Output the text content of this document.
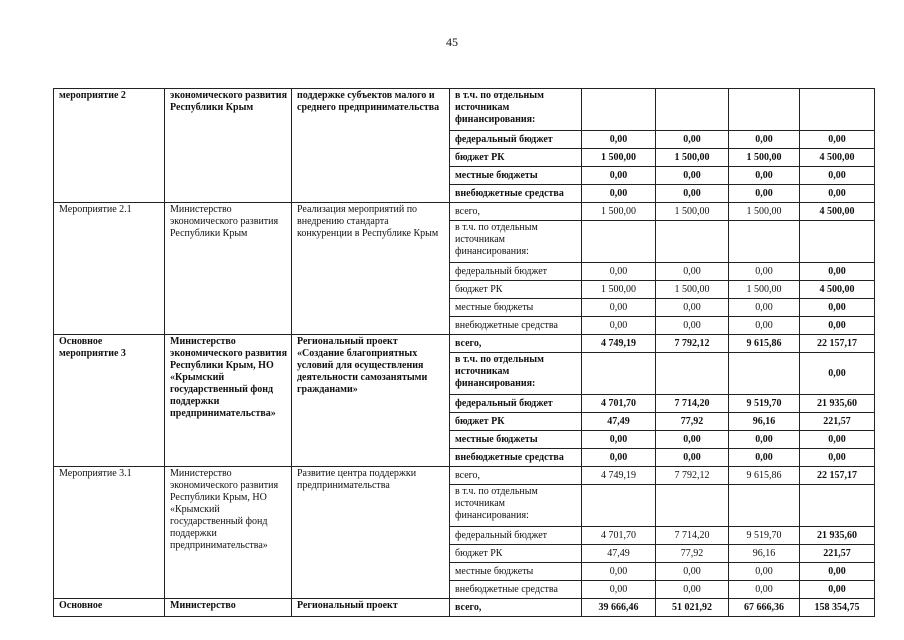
45
мероприятие 2	экономического развития Республики Крым	поддержке субъектов малого и среднего предпринимательства	в т.ч. по отдельным источникам финансирования:				
			федеральный бюджет	0,00	0,00	0,00	0,00
			бюджет РК	1 500,00	1 500,00	1 500,00	4 500,00
			местные бюджеты	0,00	0,00	0,00	0,00
			внебюджетные средства	0,00	0,00	0,00	0,00
Мероприятие 2.1	Министерство экономического развития Республики Крым	Реализация мероприятий по внедрению стандарта конкуренции в Республике Крым	всего,	1 500,00	1 500,00	1 500,00	4 500,00
			в т.ч. по отдельным источникам финансирования:				
			федеральный бюджет	0,00	0,00	0,00	0,00
			бюджет РК	1 500,00	1 500,00	1 500,00	4 500,00
			местные бюджеты	0,00	0,00	0,00	0,00
			внебюджетные средства	0,00	0,00	0,00	0,00
Основное мероприятие 3	Министерство экономического развития Республики Крым, НО «Крымский государственный фонд поддержки предпринимательства»	Региональный проект «Создание благоприятных условий для осуществления деятельности самозанятыми гражданами»	всего,	4 749,19	7 792,12	9 615,86	22 157,17
			в т.ч. по отдельным источникам финансирования:				0,00
			федеральный бюджет	4 701,70	7 714,20	9 519,70	21 935,60
			бюджет РК	47,49	77,92	96,16	221,57
			местные бюджеты	0,00	0,00	0,00	0,00
			внебюджетные средства	0,00	0,00	0,00	0,00
Мероприятие 3.1	Министерство экономического развития Республики Крым, НО «Крымский государственный фонд поддержки предпринимательства»	Развитие центра поддержки предпринимательства	всего,	4 749,19	7 792,12	9 615,86	22 157,17
			в т.ч. по отдельным источникам финансирования:				
			федеральный бюджет	4 701,70	7 714,20	9 519,70	21 935,60
			бюджет РК	47,49	77,92	96,16	221,57
			местные бюджеты	0,00	0,00	0,00	0,00
			внебюджетные средства	0,00	0,00	0,00	0,00
Основное	Министерство	Региональный проект	всего,	39 666,46	51 021,92	67 666,36	158 354,75
